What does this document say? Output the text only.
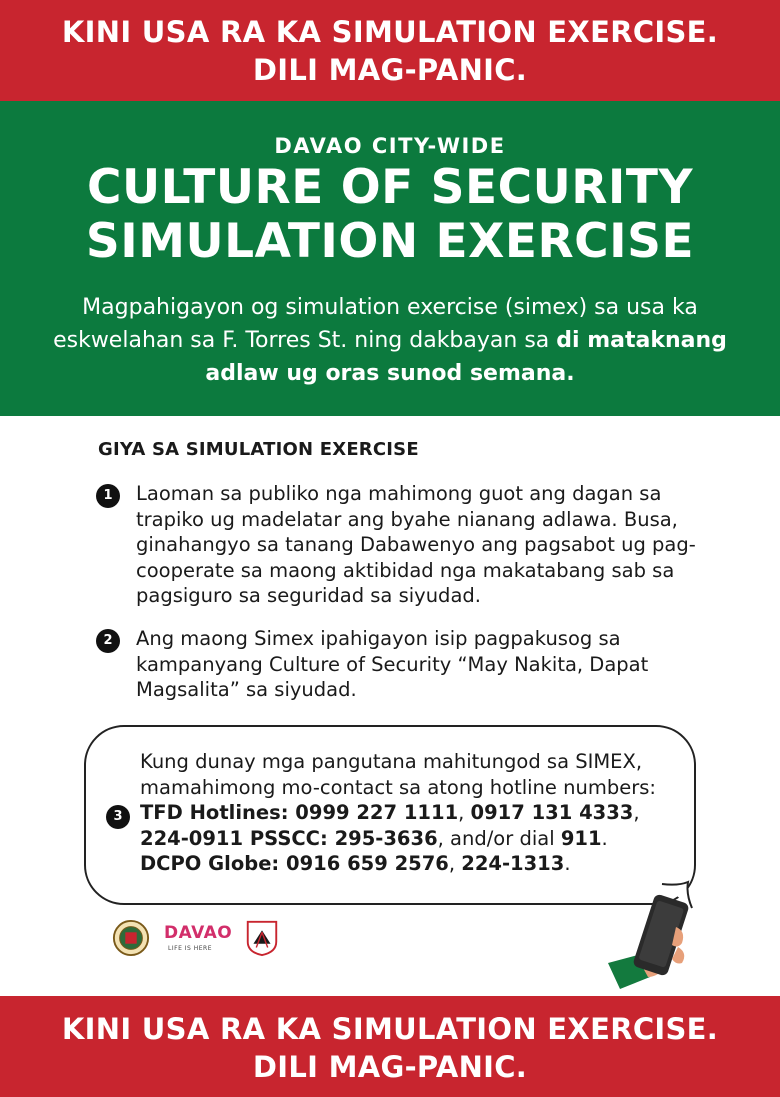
KINI USA RA KA SIMULATION EXERCISE.
DILI MAG-PANIC.
DAVAO CITY-WIDE
CULTURE OF SECURITY
SIMULATION EXERCISE
Magpahigayon og simulation exercise (simex) sa usa ka eskwelahan sa F. Torres St. ning dakbayan sa di mataknang adlaw ug oras sunod semana.
GIYA SA SIMULATION EXERCISE
1	Laoman sa publiko nga mahimong guot ang dagan sa trapiko ug madelatar ang byahe nianang adlawa. Busa, ginahangyo sa tanang Dabawenyo ang pagsabot ug pag-cooperate sa maong aktibidad nga makatabang sab sa pagsiguro sa seguridad sa siyudad.
2	Ang maong Simex ipahigayon isip pagpakusog sa kampanyang Culture of Security “May Nakita, Dapat Magsalita” sa siyudad.
3
Kung dunay mga pangutana mahitungod sa SIMEX, mamahimong mo-contact sa atong hotline numbers:
TFD Hotlines: 0999 227 1111, 0917 131 4333,
224-0911 PSSCC: 295-3636, and/or dial 911.
DCPO Globe: 0916 659 2576, 224-1313.
DAVAO
LIFE IS HERE
KINI USA RA KA SIMULATION EXERCISE.
DILI MAG-PANIC.
